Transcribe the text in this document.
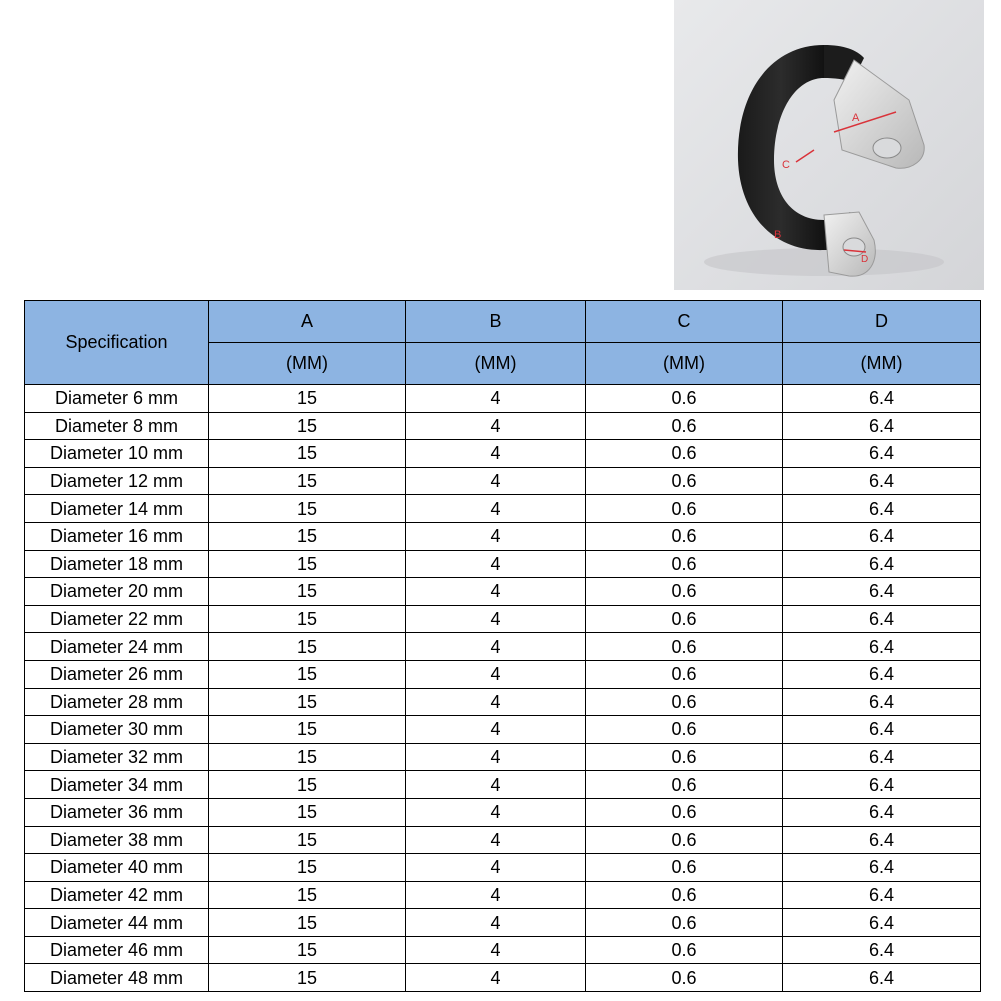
A
C
B
D
Specification	A	B	C	D
	(MM)	(MM)	(MM)	(MM)
Diameter 6 mm	15	4	0.6	6.4
Diameter 8 mm	15	4	0.6	6.4
Diameter 10 mm	15	4	0.6	6.4
Diameter 12 mm	15	4	0.6	6.4
Diameter 14 mm	15	4	0.6	6.4
Diameter 16 mm	15	4	0.6	6.4
Diameter 18 mm	15	4	0.6	6.4
Diameter 20 mm	15	4	0.6	6.4
Diameter 22 mm	15	4	0.6	6.4
Diameter 24 mm	15	4	0.6	6.4
Diameter 26 mm	15	4	0.6	6.4
Diameter 28 mm	15	4	0.6	6.4
Diameter 30 mm	15	4	0.6	6.4
Diameter 32 mm	15	4	0.6	6.4
Diameter 34 mm	15	4	0.6	6.4
Diameter 36 mm	15	4	0.6	6.4
Diameter 38 mm	15	4	0.6	6.4
Diameter 40 mm	15	4	0.6	6.4
Diameter 42 mm	15	4	0.6	6.4
Diameter 44 mm	15	4	0.6	6.4
Diameter 46 mm	15	4	0.6	6.4
Diameter 48 mm	15	4	0.6	6.4
